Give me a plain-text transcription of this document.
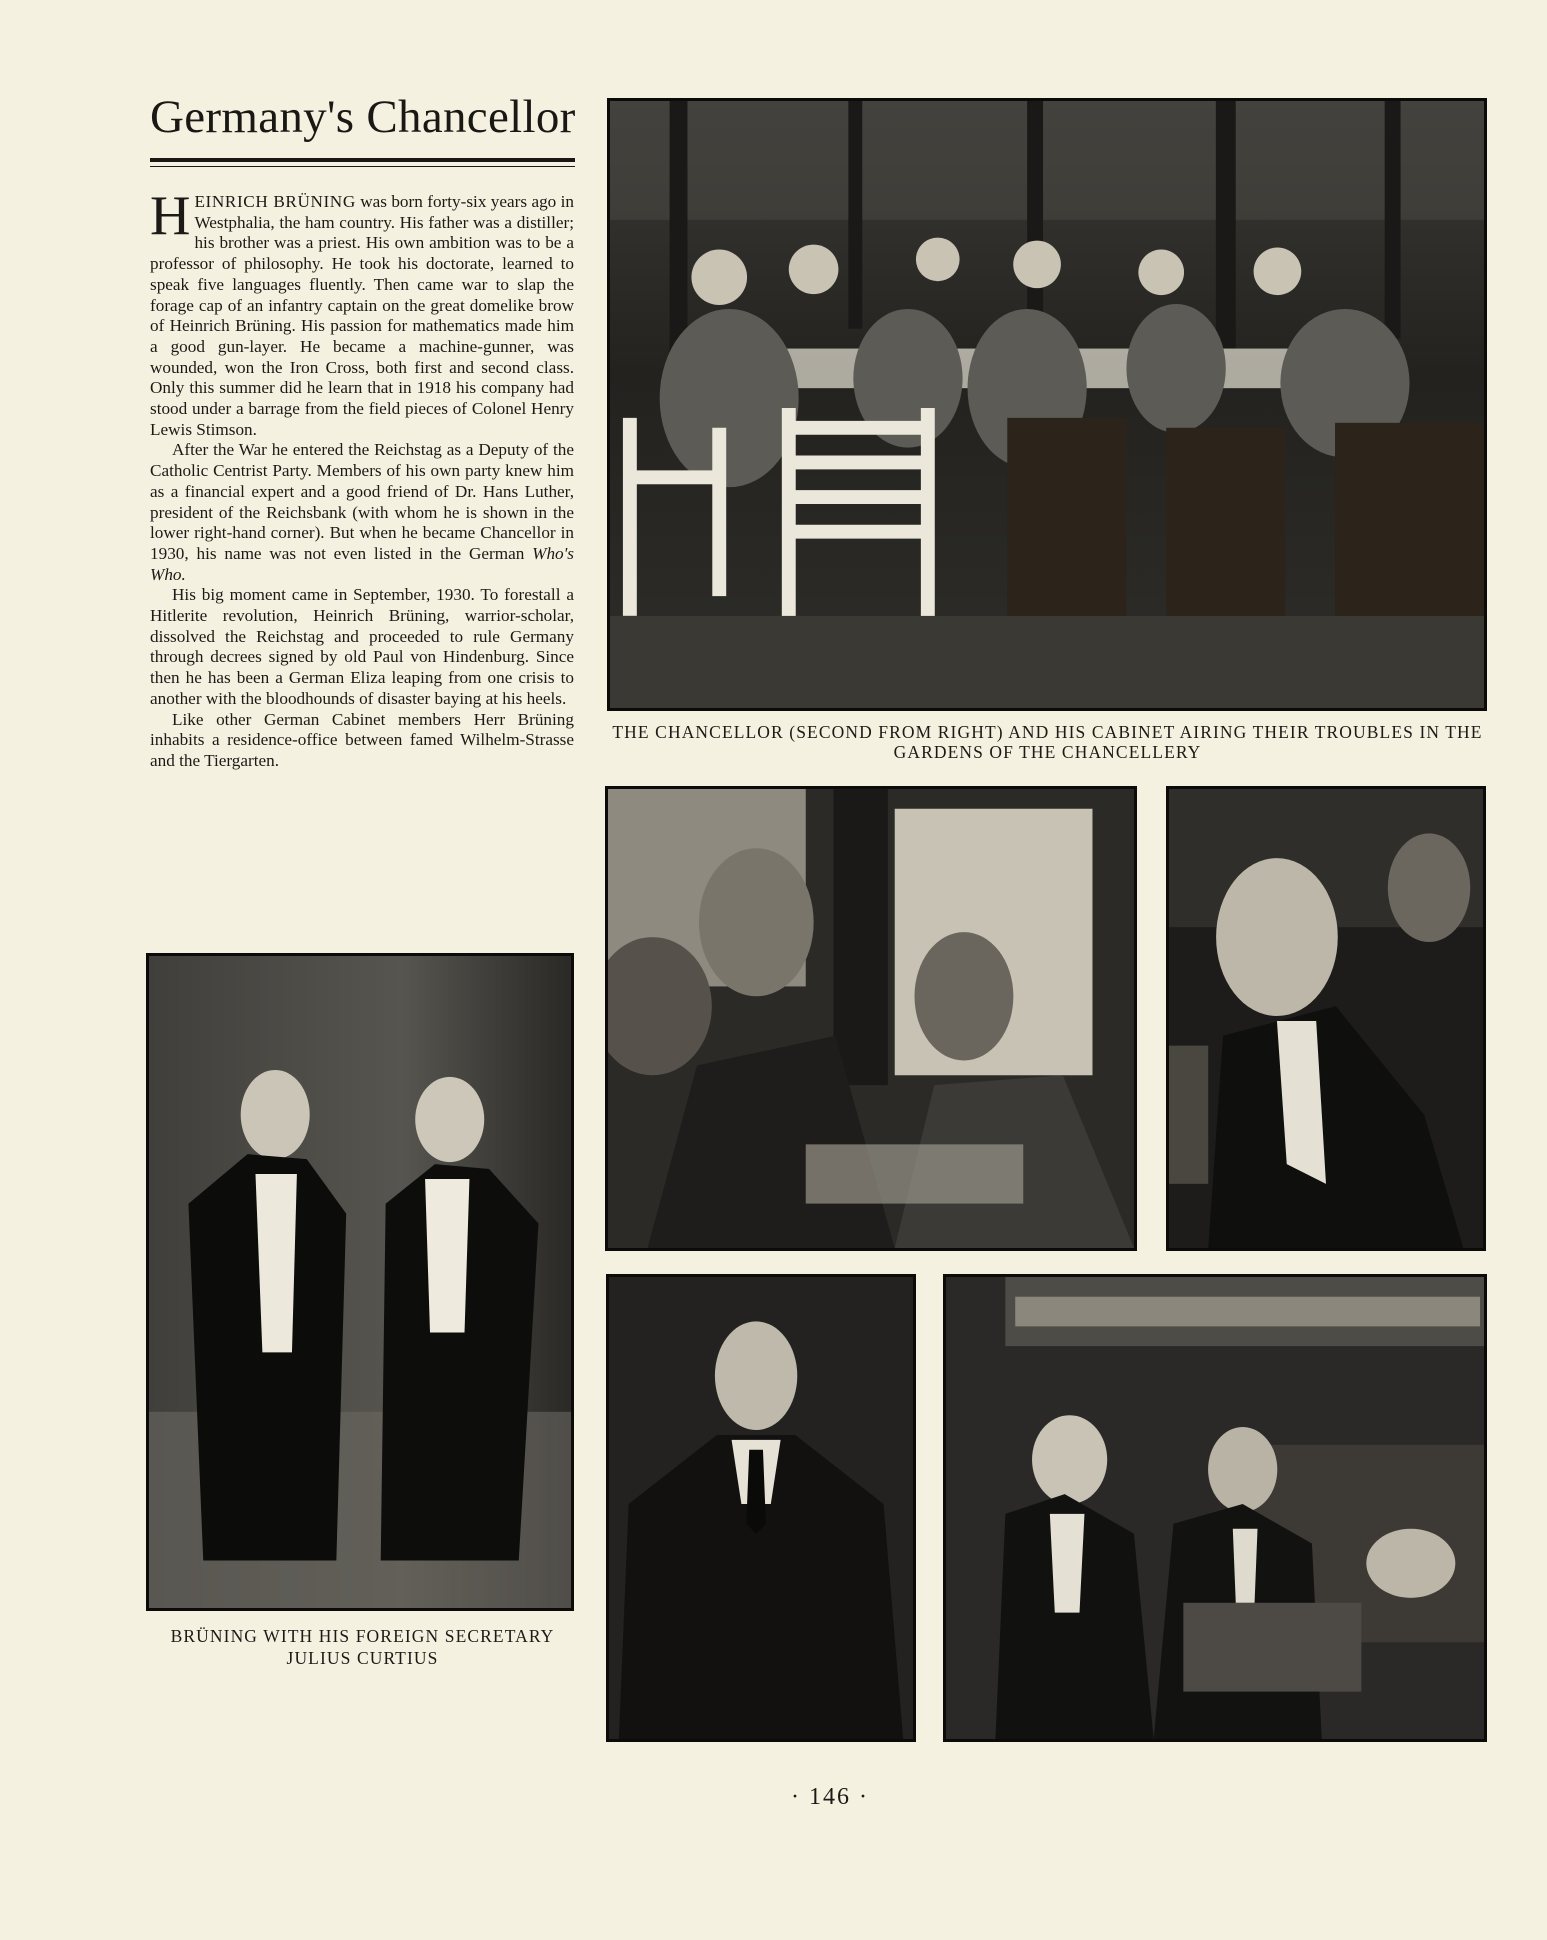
Germany's Chancellor

HEINRICH BRÜNING was born forty-six years ago in Westphalia, the ham country. His father was a distiller; his brother was a priest. His own ambition was to be a professor of philosophy. He took his doctorate, learned to speak five languages fluently. Then came war to slap the forage cap of an infantry captain on the great domelike brow of Heinrich Brüning. His passion for mathematics made him a good gun-layer. He became a machine-gunner, was wounded, won the Iron Cross, both first and second class. Only this summer did he learn that in 1918 his company had stood under a barrage from the field pieces of Colonel Henry Lewis Stimson.

After the War he entered the Reichstag as a Deputy of the Catholic Centrist Party. Members of his own party knew him as a financial expert and a good friend of Dr. Hans Luther, president of the Reichsbank (with whom he is shown in the lower right-hand corner). But when he became Chancellor in 1930, his name was not even listed in the German Who's Who.

His big moment came in September, 1930. To forestall a Hitlerite revolution, Heinrich Brüning, warrior-scholar, dissolved the Reichstag and proceeded to rule Germany through decrees signed by old Paul von Hindenburg. Since then he has been a German Eliza leaping from one crisis to another with the bloodhounds of disaster baying at his heels.

Like other German Cabinet members Herr Brüning inhabits a residence-office between famed Wilhelm-Strasse and the Tiergarten.

THE CHANCELLOR (SECOND FROM RIGHT) AND HIS CABINET AIRING THEIR TROUBLES IN THE GARDENS OF THE CHANCELLERY
BRÜNING WITH HIS FOREIGN SECRETARY JULIUS CURTIUS
· 146 ·
